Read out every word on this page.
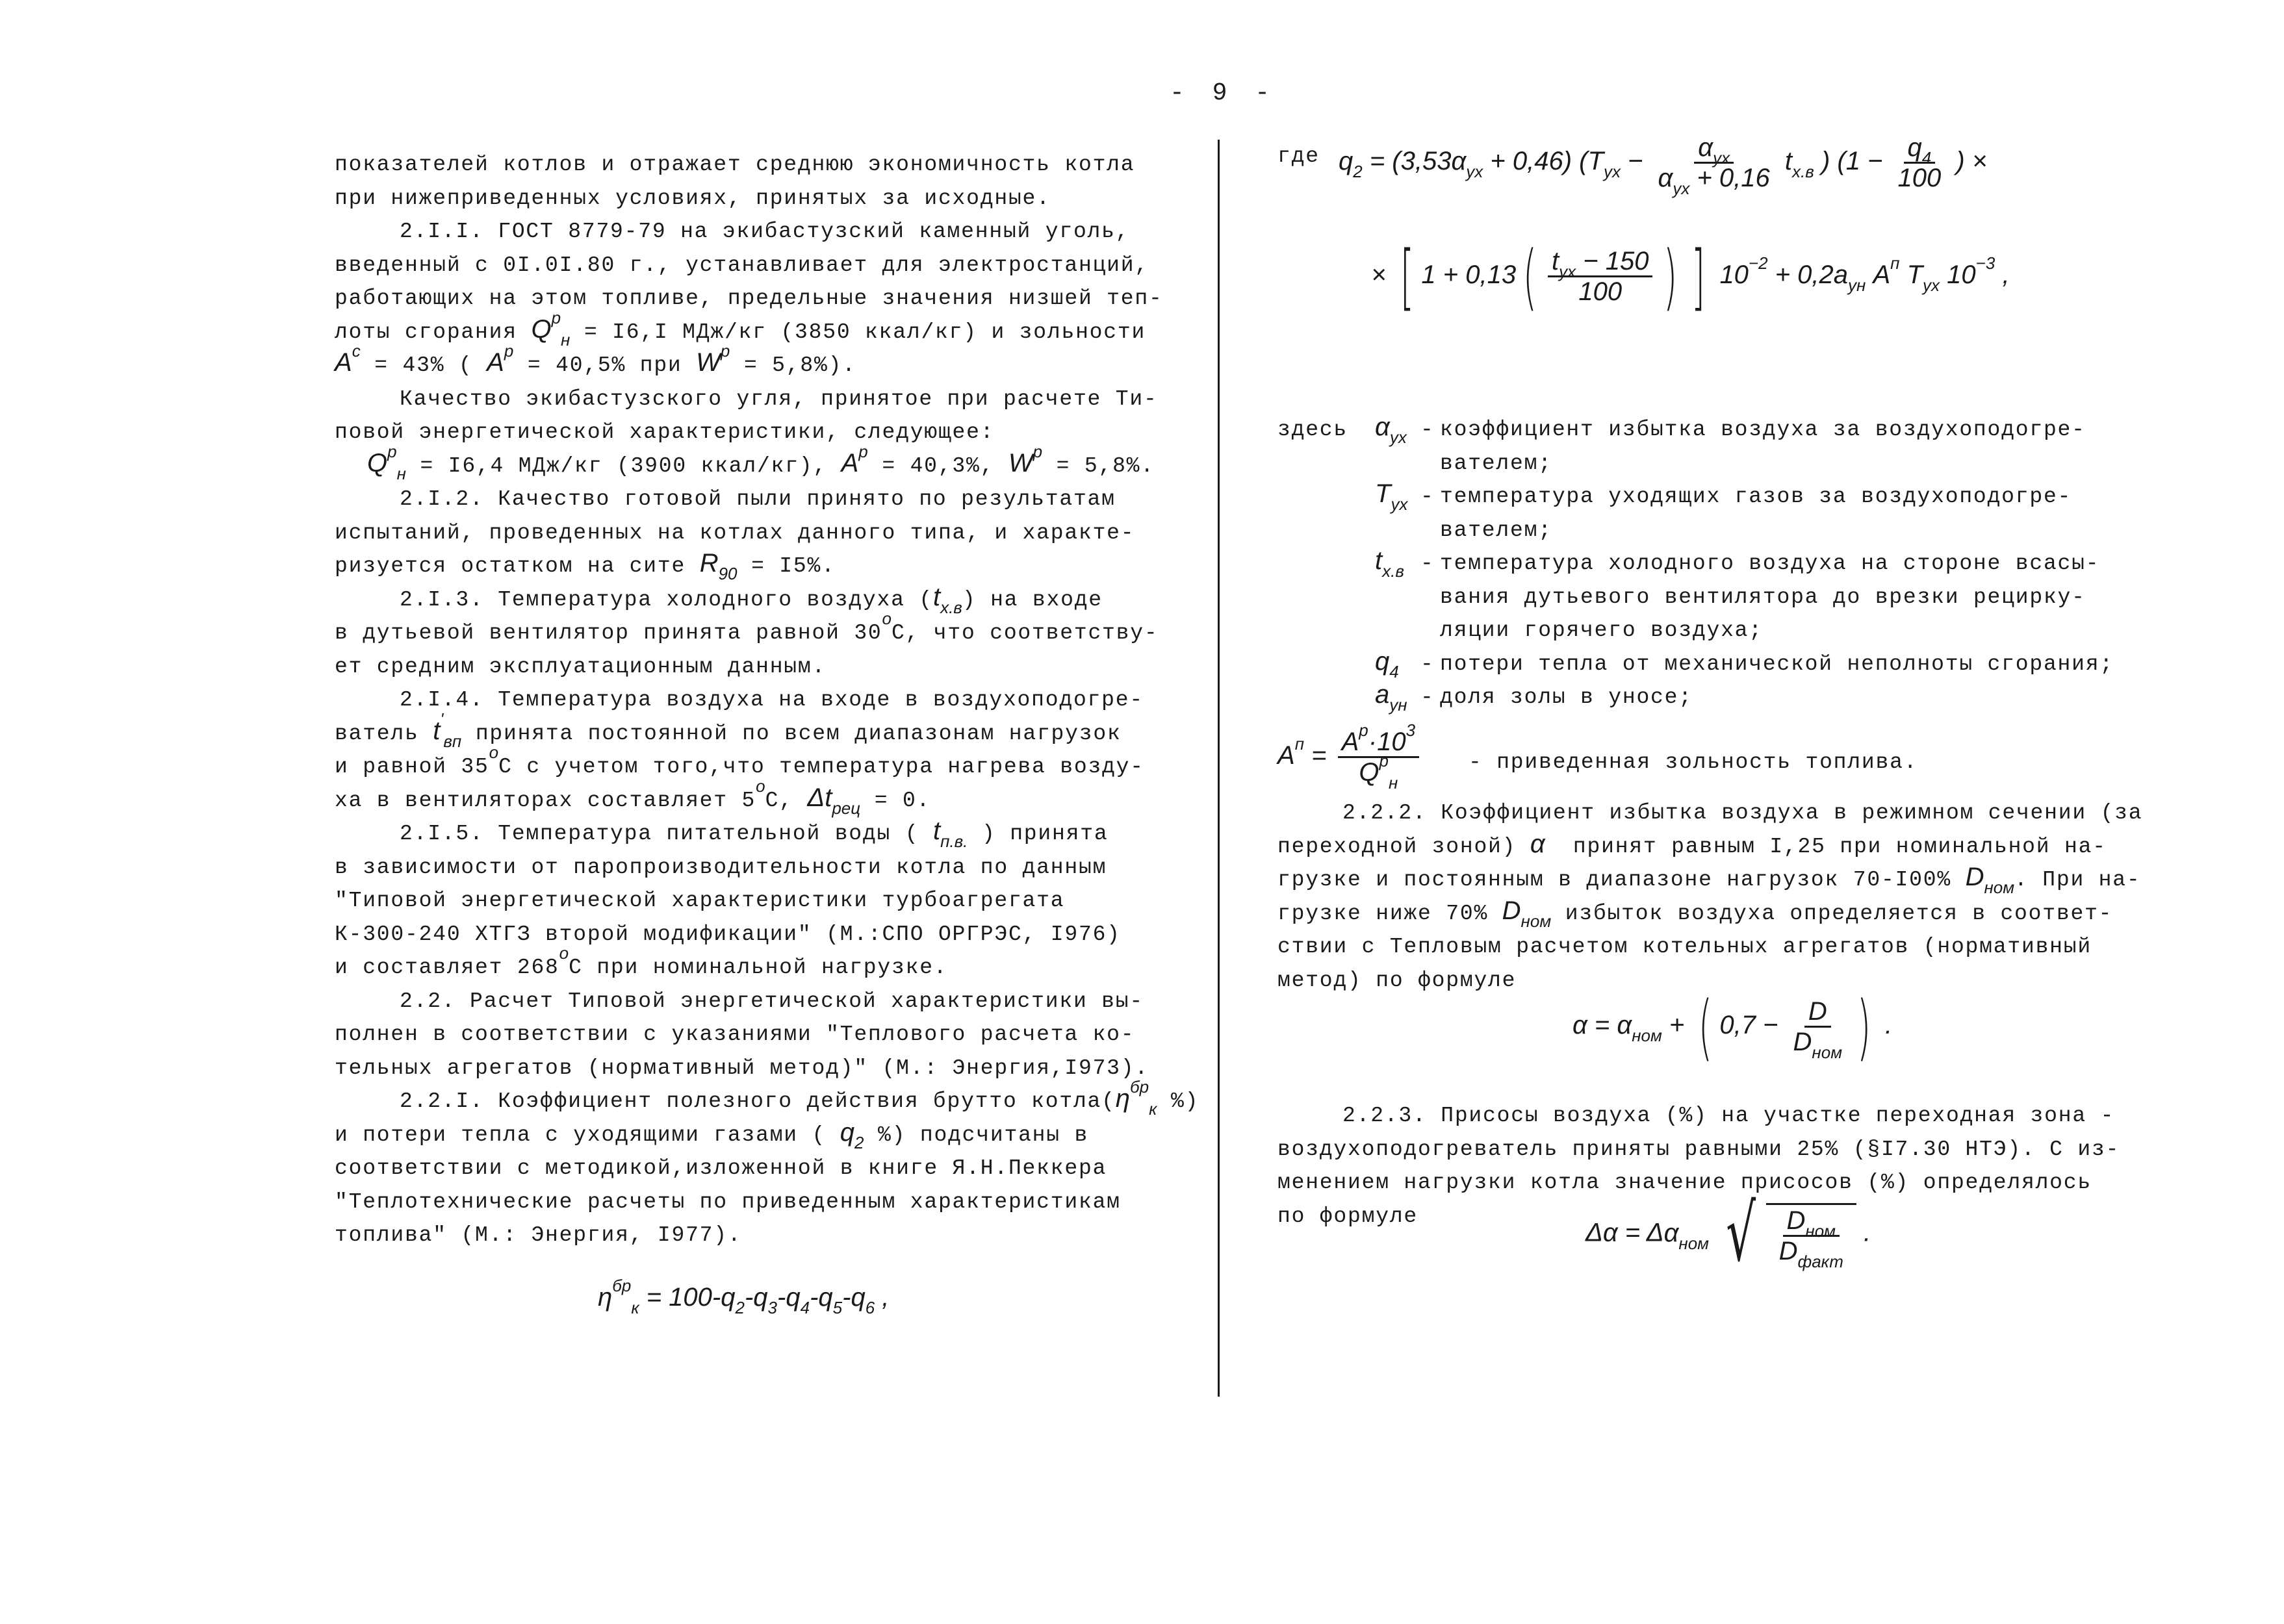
- 9 -
показателей котлов и отражает среднюю экономичность котла
при нижеприведенных условиях, принятых за исходные.
2.I.I. ГОСТ 8779-79 на экибастузский каменный уголь,
введенный с 0I.0I.80 г., устанавливает для электростанций,
работающих на этом топливе, предельные значения низшей теп-
лоты сгорания $Q^р_н = I6,I$ МДж/кг (3850 ккал/кг) и зольности
$A^с = 43\%$ ( $A^р = 40,5\%$ при $W^р = 5,8\%$).
Качество экибастузского угля, принятое при расчете Ти-
повой энергетической характеристики, следующее:
$Q^р_н = I6,4$ МДж/кг (3900 ккал/кг), $A^р = 40,3\%$, $W^р = 5,8\%$.
2.I.2. Качество готовой пыли принято по результатам
испытаний, проведенных на котлах данного типа, и характе-
ризуется остатком на сите $R_{90} = I5\%$.
2.I.3. Температура холодного воздуха $(t_{х.в})$ на входе
в дутьевой вентилятор принята равной $30^оС$, что соответству-
ет средним эксплуатационным данным.
2.I.4. Температура воздуха на входе в воздухоподогре-
ватель $t'_{вп}$ принята постоянной по всем диапазонам нагрузок
и равной $35^оС$ с учетом того,что температура нагрева возду-
ха в вентиляторах составляет $5^оС$, $\Delta t_{рец} = 0$.
2.I.5. Температура питательной воды ( $t_{п.в.}$ ) принята
в зависимости от паропроизводительности котла по данным
"Типовой энергетической характеристики турбоагрегата
К-300-240 ХТГЗ второй модификации" (М.:СПО ОРГРЭС, I976)
и составляет $268^оС$ при номинальной нагрузке.
2.2. Расчет Типовой энергетической характеристики вы-
полнен в соответствии с указаниями "Теплового расчета ко-
тельных агрегатов (нормативный метод)" (М.: Энергия,I973).
2.2.I. Коэффициент полезного действия брутто $котла(\eta^{бр}_к$ %)
и потери тепла с уходящими газами ( $q_2$ %) подсчитаны в
соответствии с методикой,изложенной в книге Я.Н.Пеккера
"Теплотехнические расчеты по приведенным характеристикам
топлива" (М.: Энергия, I977).
$\eta^{бр}_к = 100-q_2-q_3-q_4-q_5-q_6$ ,
где $q_2 = (3,53\alpha_{ух} + 0,46) (T_{ух} - \frac{\alpha_{ух}}{\alpha_{ух} + 0,16} t_{х.в}$ ) ($1 - \frac{q_4}{100}$ ) ×
× [ $1 + 0,13( \frac{t_{ух} - 150}{100}$ ) ] $10^{-2} + 0,2a_{ун}$ $A^п$ $T_{ух}$ $10^{-3}$ ,
здесь	$\alpha_{ух}$ - коэффициент избытка воздуха за воздухоподогре-
вателем;
$T_{ух}$ - температура уходящих газов за воздухоподогре-
вателем;
$t_{х.в}$ - температура холодного воздуха на стороне всасы-
вания дутьевого вентилятора до врезки рецирку-
ляции горячего воздуха;
$q_4$	- потери тепла от механической неполноты сгорания;
$a_{ун}$ - доля золы в уносе;
$A^п = \frac{A^р\cdot 10^3}{Q^р_н}$ - приведенная зольность топлива.
2.2.2. Коэффициент избытка воздуха в режимном сечении (за
переходной зоной) α  принят равным I,25 при номинальной на-
грузке и постоянным в диапазоне нагрузок 70-I00% $D_{ном}$. При на-
грузке ниже 70% $D_{ном}$ избыток воздуха определяется в соответ-
ствии с Тепловым расчетом котельных агрегатов (нормативный
метод) по формуле
$\alpha = \alpha_{ном}$ + ( $0,7 - \frac{D}{D_{ном}}$ ) .
2.2.3. Присосы воздуха (%) на участке переходная зона -
воздухоподогреватель приняты равными 25% (§I7.30 НТЭ). С из-
менением нагрузки котла значение присосов (%) определялось
по формуле
$\Delta\alpha = \Delta\alpha_{ном}$ √ $\frac{D_{ном}}{D_{факт}}$ .
